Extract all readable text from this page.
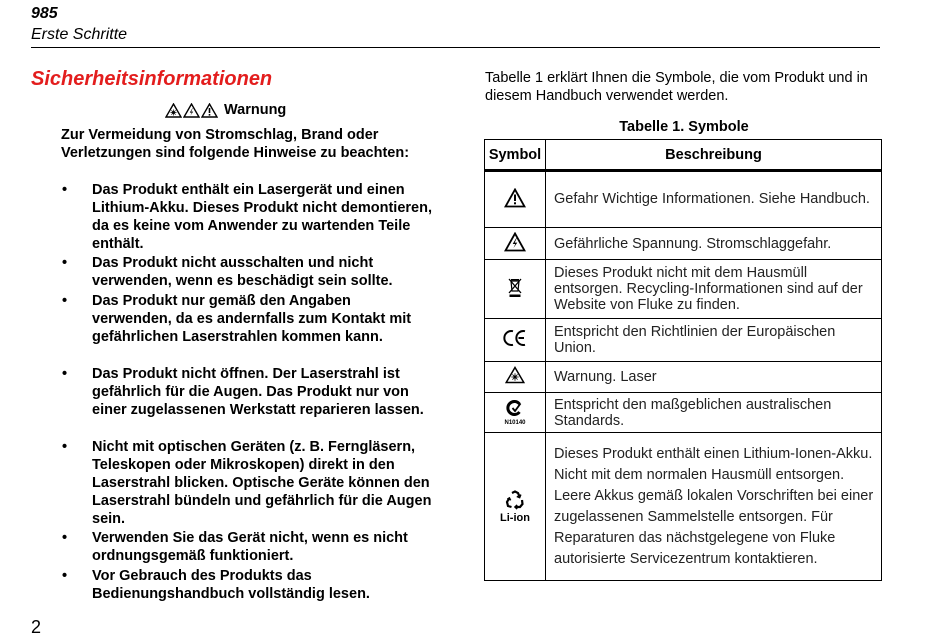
985
Erste Schritte
Sicherheitsinformationen
Warnung
Zur Vermeidung von Stromschlag, Brand oder Verletzungen sind folgende Hinweise zu beachten:
• Das Produkt enthält ein Lasergerät und einen Lithium-Akku. Dieses Produkt nicht demontieren, da es keine vom Anwender zu wartenden Teile enthält.
• Das Produkt nicht ausschalten und nicht verwenden, wenn es beschädigt sein sollte.
• Das Produkt nur gemäß den Angaben verwenden, da es andernfalls zum Kontakt mit gefährlichen Laserstrahlen kommen kann.
• Das Produkt nicht öffnen. Der Laserstrahl ist gefährlich für die Augen. Das Produkt nur von einer zugelassenen Werkstatt reparieren lassen.
• Nicht mit optischen Geräten (z. B. Ferngläsern, Teleskopen oder Mikroskopen) direkt in den Laserstrahl blicken. Optische Geräte können den Laserstrahl bündeln und gefährlich für die Augen sein.
• Verwenden Sie das Gerät nicht, wenn es nicht ordnungsgemäß funktioniert.
• Vor Gebrauch des Produkts das Bedienungshandbuch vollständig lesen.
2
Tabelle 1 erklärt Ihnen die Symbole, die vom Produkt und in diesem Handbuch verwendet werden.
Tabelle 1. Symbole
Symbol	Beschreibung
	Gefahr Wichtige Informationen. Siehe Handbuch.
	Gefährliche Spannung. Stromschlaggefahr.
	Dieses Produkt nicht mit dem Hausmüll entsorgen. Recycling-Informationen sind auf der Website von Fluke zu finden.
	Entspricht den Richtlinien der Europäischen Union.
	Warnung. Laser

N10140	Entspricht den maßgeblichen australischen Standards.

Li-ion	Dieses Produkt enthält einen Lithium-Ionen-Akku. Nicht mit dem normalen Hausmüll entsorgen. Leere Akkus gemäß lokalen Vorschriften bei einer zugelassenen Sammelstelle entsorgen. Für Reparaturen das nächstgelegene von Fluke autorisierte Servicezentrum kontaktieren.
